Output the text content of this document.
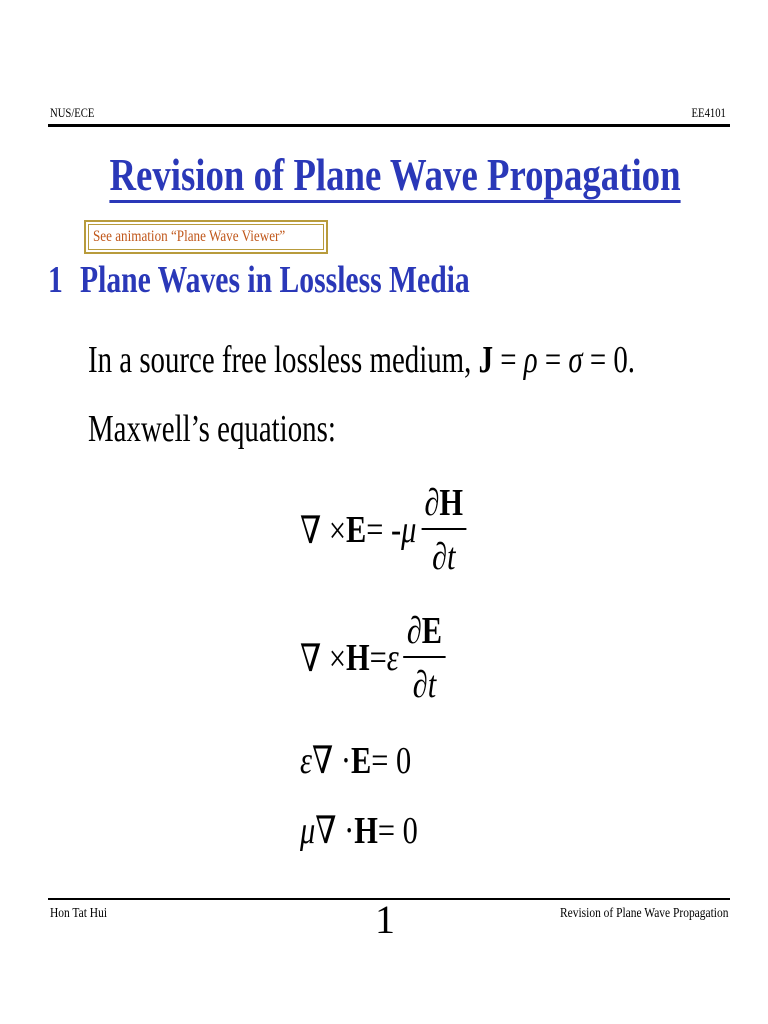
NUS/ECE	EE4101
Revision of Plane Wave Propagation
See animation “Plane Wave Viewer”
1 Plane Waves in Lossless Media
In a source free lossless medium, J = ρ = σ = 0.
Maxwell’s equations:
∇ × E = - μ $\frac{\partial H}{\partial t}$
∇ × H = ε $\frac{\partial E}{\partial t}$
ε ∇ · E = 0
μ ∇ · H = 0
Hon Tat Hui	1	Revision of Plane Wave Propagation
